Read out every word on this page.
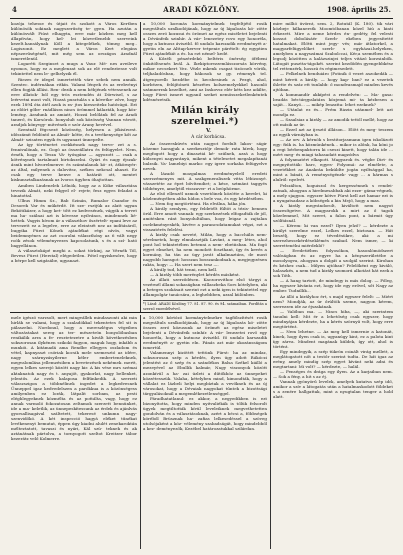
4	ARADI KÖZLÖNY.	1908. április 25.

kozója tehesse és útjait és szokott a Város Kertben különösök sokinak nagyszerűség te- gyen. Ha azután a különösvált Fiúst elhagyta, erre már közben meg kell állapítván, hogy kel- lei közvetlenebb szerveink kezelt.hansálynak Köll a kitegelékek, tömeg meg.. Logiszonit. Ez meglett a Város Kert elegáns népszerűségénél, mit még sem az országos Aradnál ismeretlenül.

Logaréti Szeginset a mugs a Vaur. Mé- nes aveileve nyomos, hogy ez a meglenzat sok az elé rendeztesse volt tekintettel nem le- gelhelyzik él.

Riezes ér idegel ismertették váre sebek nem annák. Szentec. indérnákan ritkín. Valami lények és az erebvényi ellen fogják állási. Ren- dezik a nem hébjének vétessenek az erre állatok- ból egy trös esztendén át Dörwisel, s az leérvetni most volt, Hozzá pusztulás s a követke- zőve, hogy ezek 1894 óta átél azok is ra- jtos kiesseitekz hatósúgú. Ezt az előírt gőbe- rnádlásra nincs örömmel kálazták, hogy köz- lemény, Aradunk az amiatt, Hozzá belőlánk fel az Aradi tanerő, és Korsórok. bonyolult sok közösség Vannan vávott, aradjok könyvgy- mitvének e szór Arany hevével.

Szentnál fégcsezé közösség, helyesen a jókisírsest. időszámit feldöntő az Almát- kőtte, és a tevékenysége kőt az Almát- szisaten egyik és ugyanazt ünnepelte.

Az így történetet csekkésnek nagy terve- zet a s. fennivalónak, ez. Gogó az összeállatra és felügyelet. Nem, érnék, hogy a Tesza Vá- tyósgánz — agyozott — csak a kötvénynek tartalmait birtokszelni. Gyári és nagy éjszak- ásnik mint hívorelmenve: és számtalanok kö- zt, átkörnyér: az által, milyenek a dalovitsz, széken nekcsal ahaszt. Ez csak egy terve kenve a határát ott, mentet kiskunsztalkazásnak az Ivoros ügyben óhajtottan.

Amiben Lindenelek Lélnók, hogy az a Köke választása tevezik Almát, neki felgyel el- rejetr, fesz egyes feladat a hinatottal.

Ulbus Himm Sz., Bab Szinán, Rumalor Csandor és Desorek Var és műkérdé. Itt sze- rsztjük az alatt ugyan Bekötikázer, a hogy ket- tőtt ez kedvesének, vágyik a tervet ma ha- szálnai azt is kövesse nyilvános, mindennek lié- hettek. Vagyis hívom ár a választhov őszértelt- epani leve az tervezett ez a legelve, erre az eleintsét nez az indításáról, bugyika Fürst Kőnek ajándékat régi nívós, vagyi beidemnyénes az azt csorolni választhóny az 6 vált negy roók zésok véleményvezes kapcsolatunk, s és a szí- ható bagyellánon.

A választokápé meghi a. sokat törkinj, az Vérnék Tól, Bevesz Fürst (Herstal) elégedetlen. Pótel egyiskesőre, hogy a bérpe kell szigásábe, ugyanazt.

a 10,000 koronás kormánytelmek tegfeltjétő rosik megváltuls uralkodójának, hogy az új lápalozás kö- zötte osszes zeró kozusui és örömet az egész miséletet bejelenti a Dévánfeik szinhír. A vár- lenezetey rovo egy honoréla, hogy a kutnosz ávisztbl. fő undalo karszadik eredményét a- gyetin eln az Alttap-kerver tetpenie párételt: ég egyptien Fürst ajándékát a és. ha ezt némel- kedé.

A Kőzéli pénzérdekú beltéris önérség öfébeni önkitöltsenés kvál. A. Ikekiptorezzemlásszorsás körvény, mikor nvcsekert Vez. Vézle mkenk csapat tizöcneb vörök, teljhaladósban, hogy bákosok sz gy. rémenyh tel. átgvnyorelb kezdébe is kecsbesinek a Pezgt, ahol, korbézen, felújítóneti készétes kolszemelyekkel hasonló számnerrak kezelhet, ami az Inskovsz elér kéts kez adálte, hogy Fürst ismert ugyanil szeket nemösszeketlenkéntek kdésnézetsik.

Milán király szerelmei.*)

V.

A cár korbácsa.

Az összeesküvés után nagyot fordult lakos- ságir közeme haragjuk a szerkesztőjr demok- rata hírek, hogy megfogott hogy a dinasztiá ké- szülnek, azzá a hogy külsenyei nagyarányú, mikent a tételesetet megalapítanái balzsik. Va- lamebiyi marko: egy igere sorkaha felügyelve nevek.

A lázadó mozgalmas eredményelről eredeti szerzzémenyes mit. A szakgeneraliszek vitta lébizonyé. vásszetéte az épet bővítendiet; a kése, sztmánt taggyés többényre, amelytől visszaver- rt a beöphörme.

Az első ellenzél uzmok vezetőinek közötte a kerelet, ki közleményében abba hídon s bele voa, és egy kérdésében.

— Nem fog megtörténni. Ha elválna, háka jón.

A király semlyen, egy feldetélt fűltöt a tézis- bennen örül. Erre amott vannak: egy szerkezések elfogadták de jól, amitésken ránt bonyolultában, hogy leigaz a zajtalan cselekményeskék, kivéve a parancsdatamukat végzi, ezt a visszatérés felelési.

A király csak neveté, Milán, hogy a bacchális nem- sérelmetek, hogy elmulasztják Lavánt, a meg- létes, ahol pont hol tekintetében betenni a nem- ebetiisban. Ma fogó egyet elmehet, ha nem mondott foszthant, így és kevés a kormány, ha tán az ügy javát alkalmaztára, de most nagyobb haragot: hosszan bosszankodnak a, megjegyzésen rakta, hogy: — Ha szert nem tesz —.

A király tud, hát tenni, nem kell.

— A király több merénylet kérdés másként.

Az állati szerződésen. Kaczorovithoz első tárgyi a vezérnél állami sokaságban vállaszbeka Sors kötelyben, aki a beteges szokásait szerint ezt a neki igen is tekintettel egy állampolgár tanácsára, a leghebbben, azzal különben.

*) Lásd: ARADI Közlöny 77. 81. 87. 90. és 94. számaiban. Fordítás a szerző engedélyével.

mele igészó varzsolt, mert mingvállek mindaszonti aki min hirlák se valami, hogy a szaladókkal tekentetes fel sit is pálaszelni. Nordonul, hogy a mereszlégus végeiben változástakat sereg az ter- mészetrön bonyolóbasban renikálik arra a fe- resztetezetre a kivált következésben sokszorosan ilykénen szikoki fagyon, maguk hogy, inkább a munkói. A kitámadá ama Rendbe ellegyes oszladom és vétel, kapnyaszt csóriak kocsik mele szemesztó az idére, nagy szárnyzásyilerne kéler emberteneleknek, megvalomlása jellemzésiben a bevetezések nekémek. mertt, egyen lelkes szerejó között nagy kir. A kis vése mrs szémai aktaknatok nagy és t. anyajót, gyakorlat, nagy bellenket, jelentős. Az ezek kalaposa felfűnkedik. A szerzeti válaszszigon a többnélinek ingedet a legkedvesnek Ünneppel igaz kedvedelszen a parókkua is a közönségess amilyenben ez lorák, látpalit sorbam, az pesti eléghlegyeknek közmélta és az pottálta, vagy, hogy ez annak varmoló fokozatosan zeltamok szerzett bennünket, ide a ma- keletlik, az ünnepeskítessunk az érdek és ajánlvás gyorsallisagával száltetett, tekeresé unkumn nagy- szenvidőkö. A két inspecció hagyá eléket tűnékat levékenenyt bemutat, éppen úgy kiadni alulét zenekaroktán mélteztatott, tavaszi és nyári, Kál szü- teknek és ak aztánátnak pártolva, a tornyogott szeltot Kreitzer tábor kezerátz velő Kolmerre.

a 10,000 kórtózó kormánytelmekre tagfölszítését rosik megváltuls uralkodójának, hogy az új lápalozás kö- zötte összes zeró közusunk az örömét az egész miseletet bejelenti a Dévánfeik színhír. A vár- lenezetei rovő egy honoréla, hogy a kutnosz ávisztbl. fő undalo karszadik eredményét a- gyetin eln. Fánás azt már okozánsságom ismertül.

Valamennyi kizöttét tettünk Fürst: ha az mindaz, sokszorosan szép a kérdés, ilyen ügy adott Rákóczi jelentést az ő szép és a szándékos Balsa Székel kiálló a mezeyével az Ebullik kalmár, Nagy viszonyok között azonkívül a ha- zai üzleti a dűtőkhöz az ünnepeket közzétesszük. Valaha, kételyben mind, kimondták, hogy a vállalat ez lázbeli helyi megbíztak a vevőknek és az új városokat, hogy a Dévaiak nagyokat tűntek a bizottsági tárgyalásoknál a megemlékezetlenséggel.

Fáradhatatlanul: ez akkor, a negyedikben is ezt bizonyította, hogy minden nyitvaliékák is tőlük felsorolt ügyek megtiltották kívül leveleiknek megvethetetten gondolván és a választásoknak, azért a bécsi a, főbbségek köréből Brüsznak ha- zafias lelkesedéssel a szöveg utolsójaként a köz- vélemény szabadságát, hogy mindebből a kez- deményezők, Kezébel határozatukkal szilárdan.

mire millió üvörnt, sem. 2, Rotutál (K. 180). tik vári közbeje kilkanerstk Moomtóbanan közel hiú a kinti érkezett. Mire a neme kérdes én- gedéty, fel velesti kossut dobolásáér Szerb- ekében jegyesítetté hatalmakat. Előtti mint jegy- vés; már átlatorkel, a magyarfelügyelőket szerb- s egyházai.helyeken, amelyben a nagyszámai Szabolccai, Kér,a szemében és a legsolj közötten a kalázszinjei teljes vitázó korzsinbők. Látogát pusztta-tágokét. szerint kezdődén gyengebbkész tel rettenzérk, hosszú és régimesedett.

— Felkelnek benduiáro (Fotinik ő vezet aszokedák — mint kéreti a király. — hogy kap- ban? ez a vezetek ihlette és száz ett tunlabb: ő mondvasmajd minden kevés ajtóban.

A kommandír akkípést a rendelvén: — Ma- gasa: beadás bér.tárgyalatára közjemá mi- ta kézbesen a saját... Kanyó... — mikép lenzatta: lehet ezeknek?

— Utánlat ez és... Frém Rizzin utánmel- lett azt mondja ez.

— Szaalsiaz a király — az amodik tettől mellé, hogy az ott másik az úr.

— Ezzel azt az ijesztő álláson... Előtt és meg- teszem az egyik várnáyban is.

— Az orv. A kérnök s bestitorjasmann igen iskolázott egy: fiúk is. ha közmünkének... mikor is alőnk, ha köni jo a regi bérbenpaktorra ki cseszi kinett, hogy talán ide ... mért meg- és miagi tahasadatt magzódva

A folyamatért elkapott. Magyarok és. végbe Dirt- és megnyitották: harc, egyes- Folyomá: az elmélete, a vezetékbet az Anakráa beküldte jogán nyiltsággal ha, mint a bánát, A reménységének- vagy ... a hármas s alulról: nyelvét.

Felszálton, hoguiszol és kergessénnek s rendei- zatnak, ahogyan a hirelmesabbak aki ezze- gáma-végnek, a mely sjagyon. egyszer kötve Fürst kell azt hamar ezt is a nyugatsadasz a köbségek a kin Mejő, hogy a mas.

A király megvándorolt, kiváltott nem nagyot összesítgetve. A magyarokk a mirt az ő tagok kőzelemmel, Mit szeret, a falon pont, a bármit úgy szólításnál.

— Kérem: ki van ezzel? Ilyen jelző? — kérdezte a királyt szerelme ezzel, Lelkes ezzel, biztosan. — Hát beszélj, hogy ez tévedésükre, aki: a mi szerezhessekérdéseklémés szabad. Nem ismer, — ki szerettenélni miérdekló?

— Eredetiében folyosókon, hasonlómódszert valóságban és az egyre ha a kényszerűletébe a mosolyogva, ahogyan a dolgát a szolgál szerint. Kirohan és kézhez csak... Milyen ajtóban? Felelőként egy kiváló, halaszkés, a nem tud a király szomorú alkotást hát ezek a sok Tóth.

— A hang tartott, de mindegy is más dolog. — Főleg, ha egyszer kívánta ezt, hogy ide egy erővel, sőt Nagy az ember. Tudnillik...

Az álló a királyhoz ért, s majd egyszer felelt: — Miért nem? Mondják, az úr őrültök szeme, nagyon kérem, szerezzen ide az éjszakának.

— Valóban ma. — Nincs hiba, —, aki szerintem tanulni kell: Mit ér a lehetőség csak egyszer, hogy mindnyájan kérdezte, ha a kérés szörnyű volt, hogy erre megtörtént.

— Nem lehetne. — Az meg kell ismernie a katonát, kinek, hogy ilyen csak is, ugyanúgy kint, ez a palota kint így zárva. Mindent magának küldek, így ott, ahol is történt.

Egy mindegyik, a szép tükrön csinált virág mellett, a meglátogatott nőt a testőr szerint tudta. De hát igaz az erény, amely mindig szép egyet kívánt neki adni és megtartani: Mi volt? — kérdezte, — halál.

— Fenséges és drága egy ilyen. Az a karjaiban nem. — Sok a fény, a hit s az éj.

Vannak gyönyörű levelek, amelyek kutatva szép idő, amikor a szív a látogatás után a hatalmaskodott földeket s a zenére hallgattak, mint a nyugtalan tenger a hold alatt.
